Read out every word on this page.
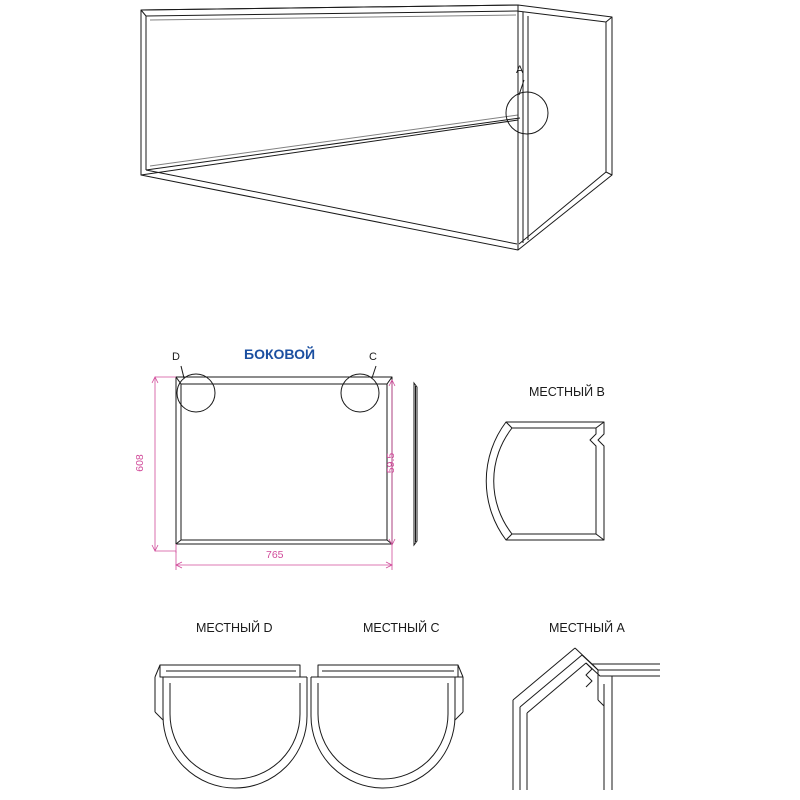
A
D	C
БОКОВОЙ
МЕСТНЫЙ B
МЕСТНЫЙ D	МЕСТНЫЙ C	МЕСТНЫЙ A
608	59.5
765
